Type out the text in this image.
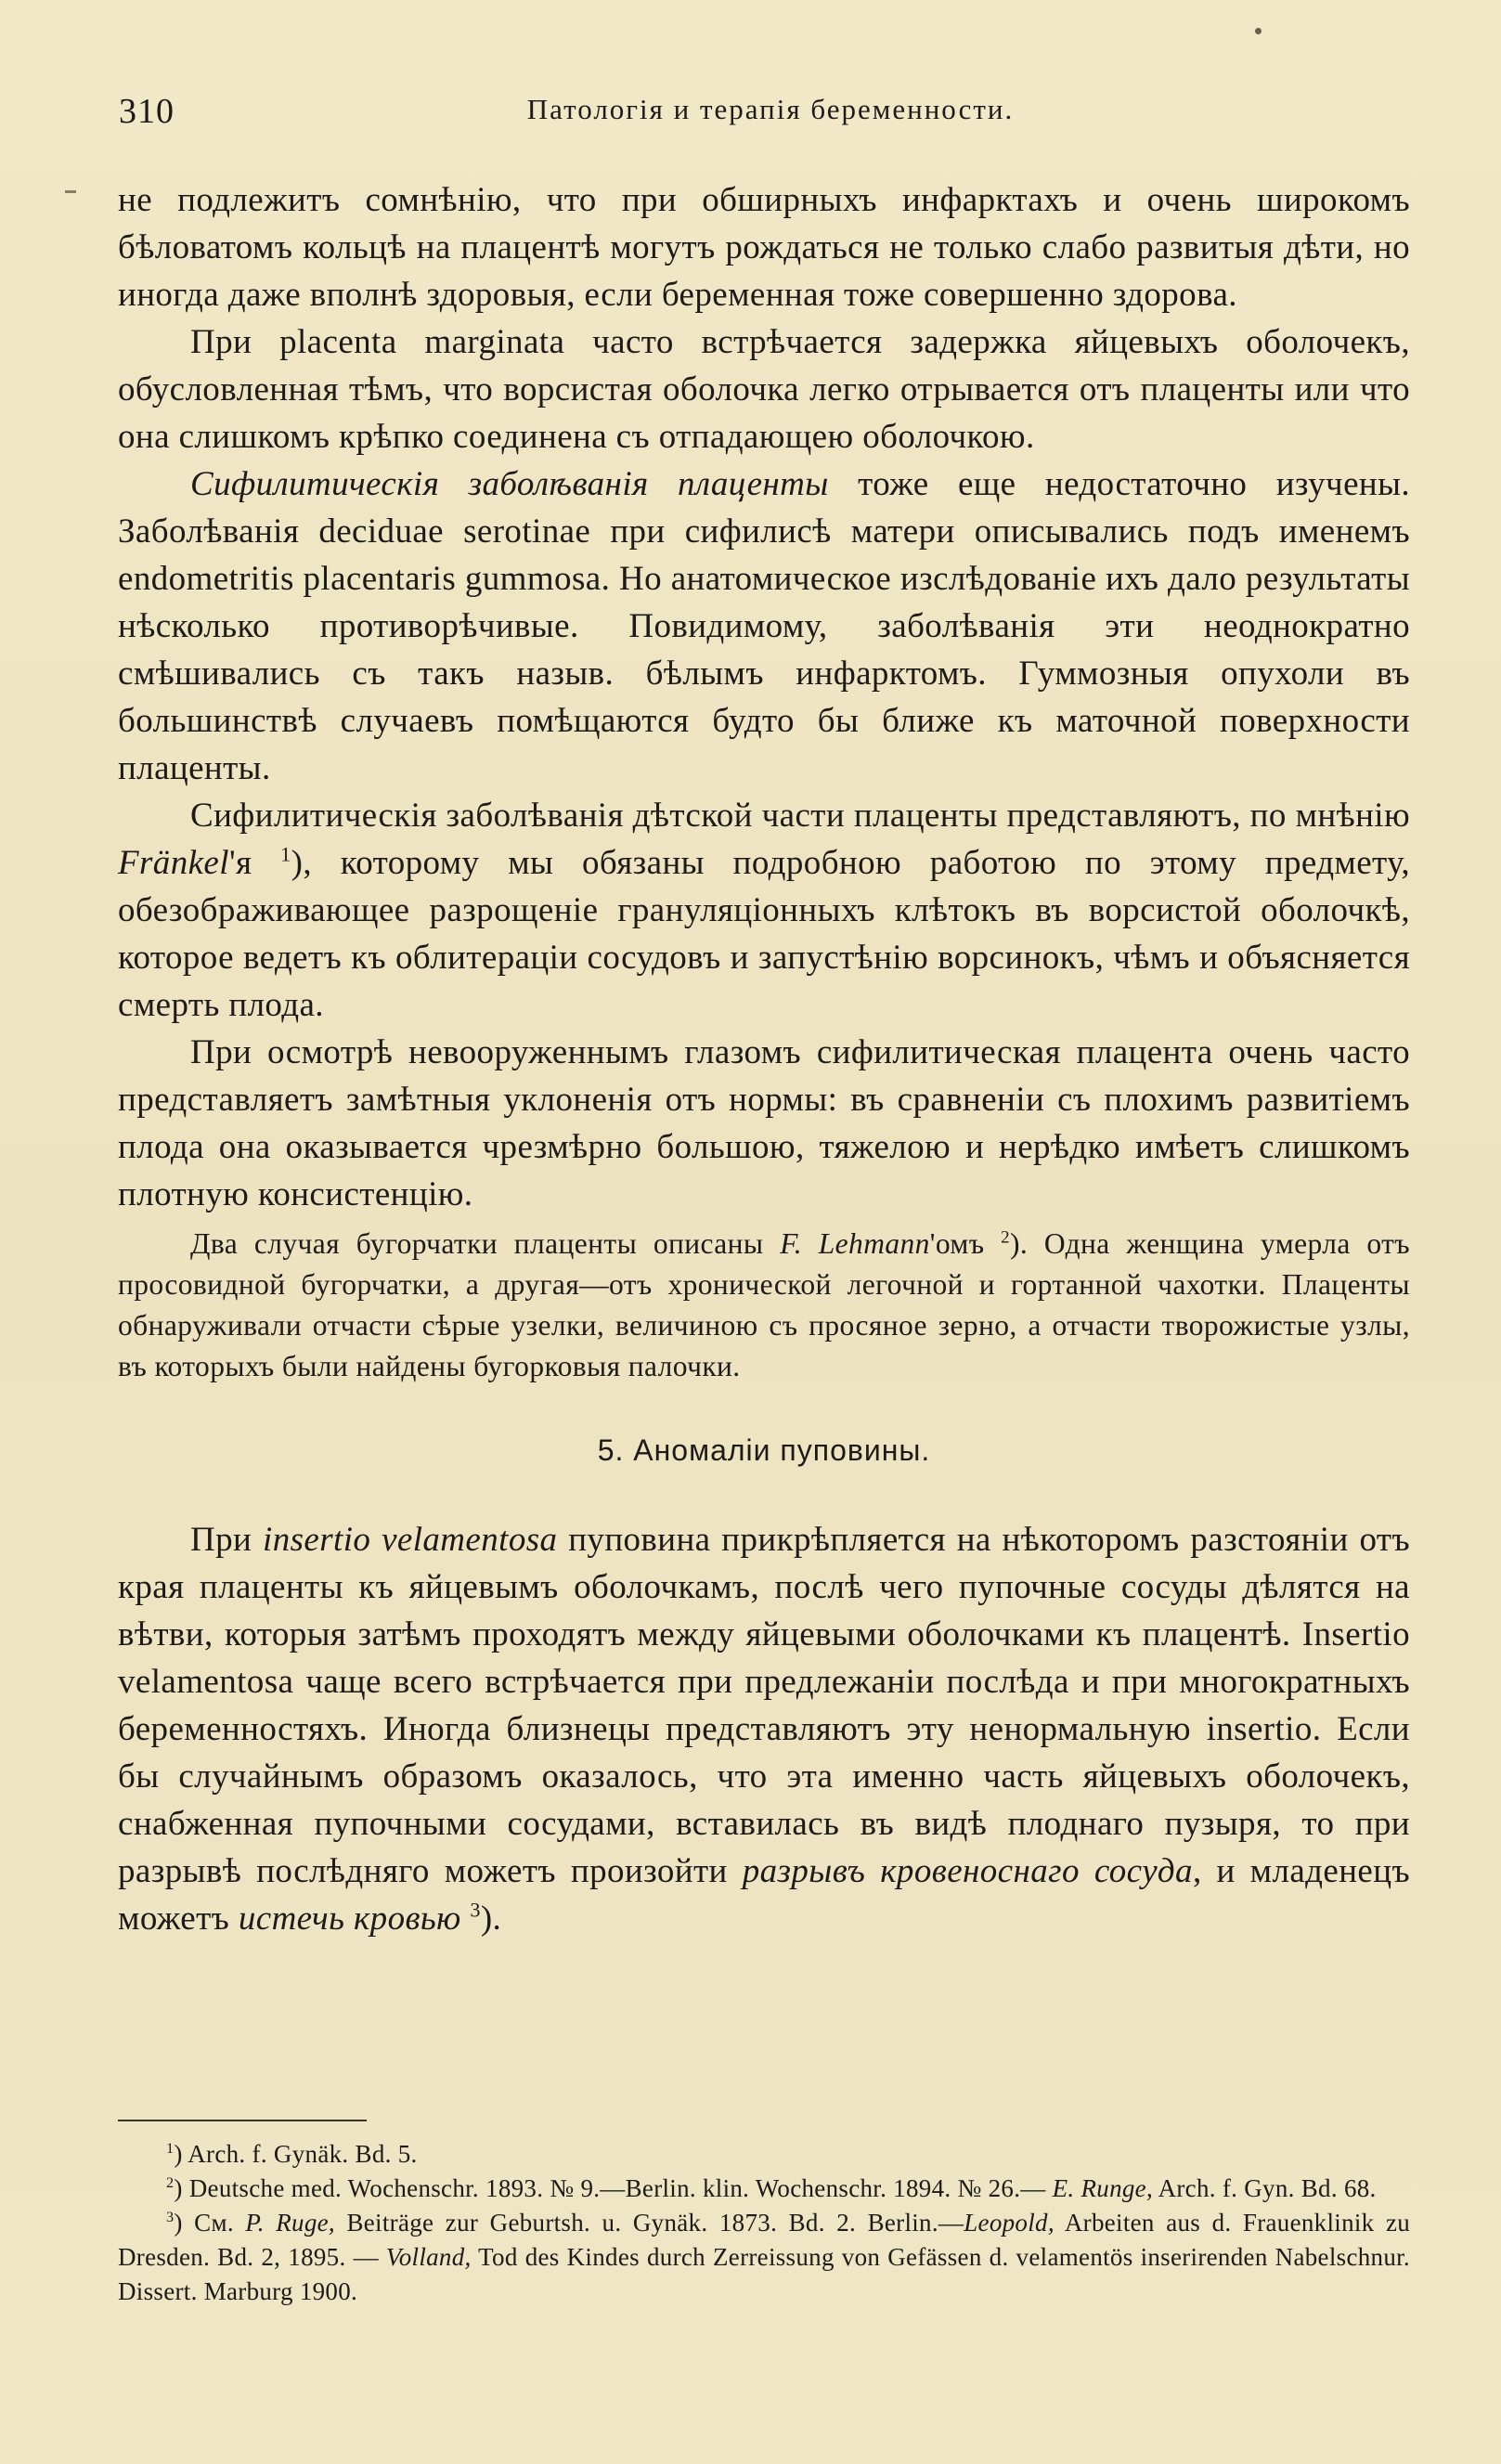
310	Патологія и терапія беременности.

не подлежитъ сомнѣнію, что при обширныхъ инфарктахъ и очень широкомъ бѣловатомъ кольцѣ на плацентѣ могутъ рождаться не только слабо развитыя дѣти, но иногда даже вполнѣ здоровыя, если беременная тоже совершенно здорова.

При placenta marginata часто встрѣчается задержка яйцевыхъ оболочекъ, обусловленная тѣмъ, что ворсистая оболочка легко отрывается отъ плаценты или что она слишкомъ крѣпко соединена съ отпадающею оболочкою.

Сифилитическія заболѣванія плаценты тоже еще недостаточно изучены. Заболѣванія deciduae serotinae при сифилисѣ матери описывались подъ именемъ endometritis placentaris gummosa. Но анатомическое изслѣдованіе ихъ дало результаты нѣсколько противорѣчивые. Повидимому, заболѣванія эти неоднократно смѣшивались съ такъ назыв. бѣлымъ инфарктомъ. Гуммозныя опухоли въ большинствѣ случаевъ помѣщаются будто бы ближе къ маточной поверхности плаценты.

Сифилитическія заболѣванія дѣтской части плаценты представляютъ, по мнѣнію Fränkel'я $^1$), которому мы обязаны подробною работою по этому предмету, обезображивающее разрощеніе грануляціонныхъ клѣтокъ въ ворсистой оболочкѣ, которое ведетъ къ облитераціи сосудовъ и запустѣнію ворсинокъ, чѣмъ и объясняется смерть плода.

При осмотрѣ невооруженнымъ глазомъ сифилитическая плацента очень часто представляетъ замѣтныя уклоненія отъ нормы: въ сравненіи съ плохимъ развитіемъ плода она оказывается чрезмѣрно большою, тяжелою и нерѣдко имѣетъ слишкомъ плотную консистенцію.

Два случая бугорчатки плаценты описаны F. Lehmann'омъ $^2$). Одна женщина умерла отъ просовидной бугорчатки, а другая—отъ хронической легочной и гортанной чахотки. Плаценты обнаруживали отчасти сѣрые узелки, величиною съ просяное зерно, а отчасти творожистые узлы, въ которыхъ были найдены бугорковыя палочки.

5. Аномаліи пуповины.

При insertio velamentosa пуповина прикрѣпляется на нѣкоторомъ разстояніи отъ края плаценты къ яйцевымъ оболочкамъ, послѣ чего пупочные сосуды дѣлятся на вѣтви, которыя затѣмъ проходятъ между яйцевыми оболочками къ плацентѣ. Insertio velamentosa чаще всего встрѣчается при предлежаніи послѣда и при многократныхъ беременностяхъ. Иногда близнецы представляютъ эту ненормальную insertio. Если бы случайнымъ образомъ оказалось, что эта именно часть яйцевыхъ оболочекъ, снабженная пупочными сосудами, вставилась въ видѣ плоднаго пузыря, то при разрывѣ послѣдняго можетъ произойти разрывъ кровеноснаго сосуда, и младенецъ можетъ истечь кровью $^3$).

$^1$) Arch. f. Gynäk. Bd. 5.

$^2$) Deutsche med. Wochenschr. 1893. № 9.—Berlin. klin. Wochenschr. 1894. № 26.— E. Runge, Arch. f. Gyn. Bd. 68.

$^3$) См. P. Ruge, Beiträge zur Geburtsh. u. Gynäk. 1873. Bd. 2. Berlin.—Leopold, Arbeiten aus d. Frauenklinik zu Dresden. Bd. 2, 1895. — Volland, Tod des Kindes durch Zerreissung von Gefässen d. velamentös inserirenden Nabelschnur. Dissert. Marburg 1900.
